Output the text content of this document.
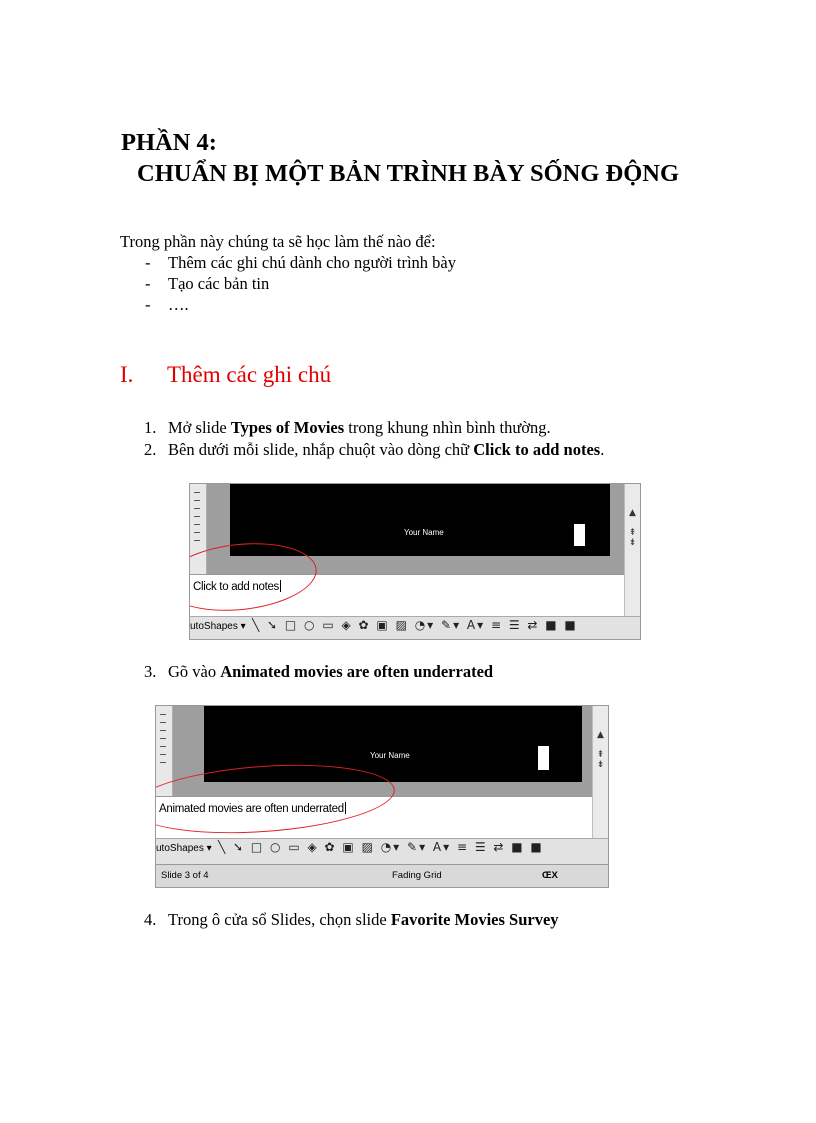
PHẦN 4:
CHUẨN BỊ MỘT BẢN TRÌNH BÀY SỐNG ĐỘNG
Trong phần này chúng ta sẽ học làm thế nào để:
- Thêm các ghi chú dành cho người trình bày
- Tạo các bản tin
- ….
I. Thêm các ghi chú
1. Mở slide Types of Movies trong khung nhìn bình thường.
2. Bên dưới mỗi slide, nhắp chuột vào dòng chữ Click to add notes.
Your Name
▲
⇞ ⇟
Click to add notes
utoShapes ▾ ╲ ➘ □ ○ ▭ ◈ ✿ ▣ ▨ ◔▾ ✎▾ A▾ ≡ ☰ ⇄ ■ ■
3. Gõ vào Animated movies are often underrated
Your Name
▲
⇞ ⇟
Animated movies are often underrated
utoShapes ▾ ╲ ➘ □ ○ ▭ ◈ ✿ ▣ ▨ ◔▾ ✎▾ A▾ ≡ ☰ ⇄ ■ ■
Slide 3 of 4	Fading Grid	ŒX
4. Trong ô cửa sổ Slides, chọn slide Favorite Movies Survey
